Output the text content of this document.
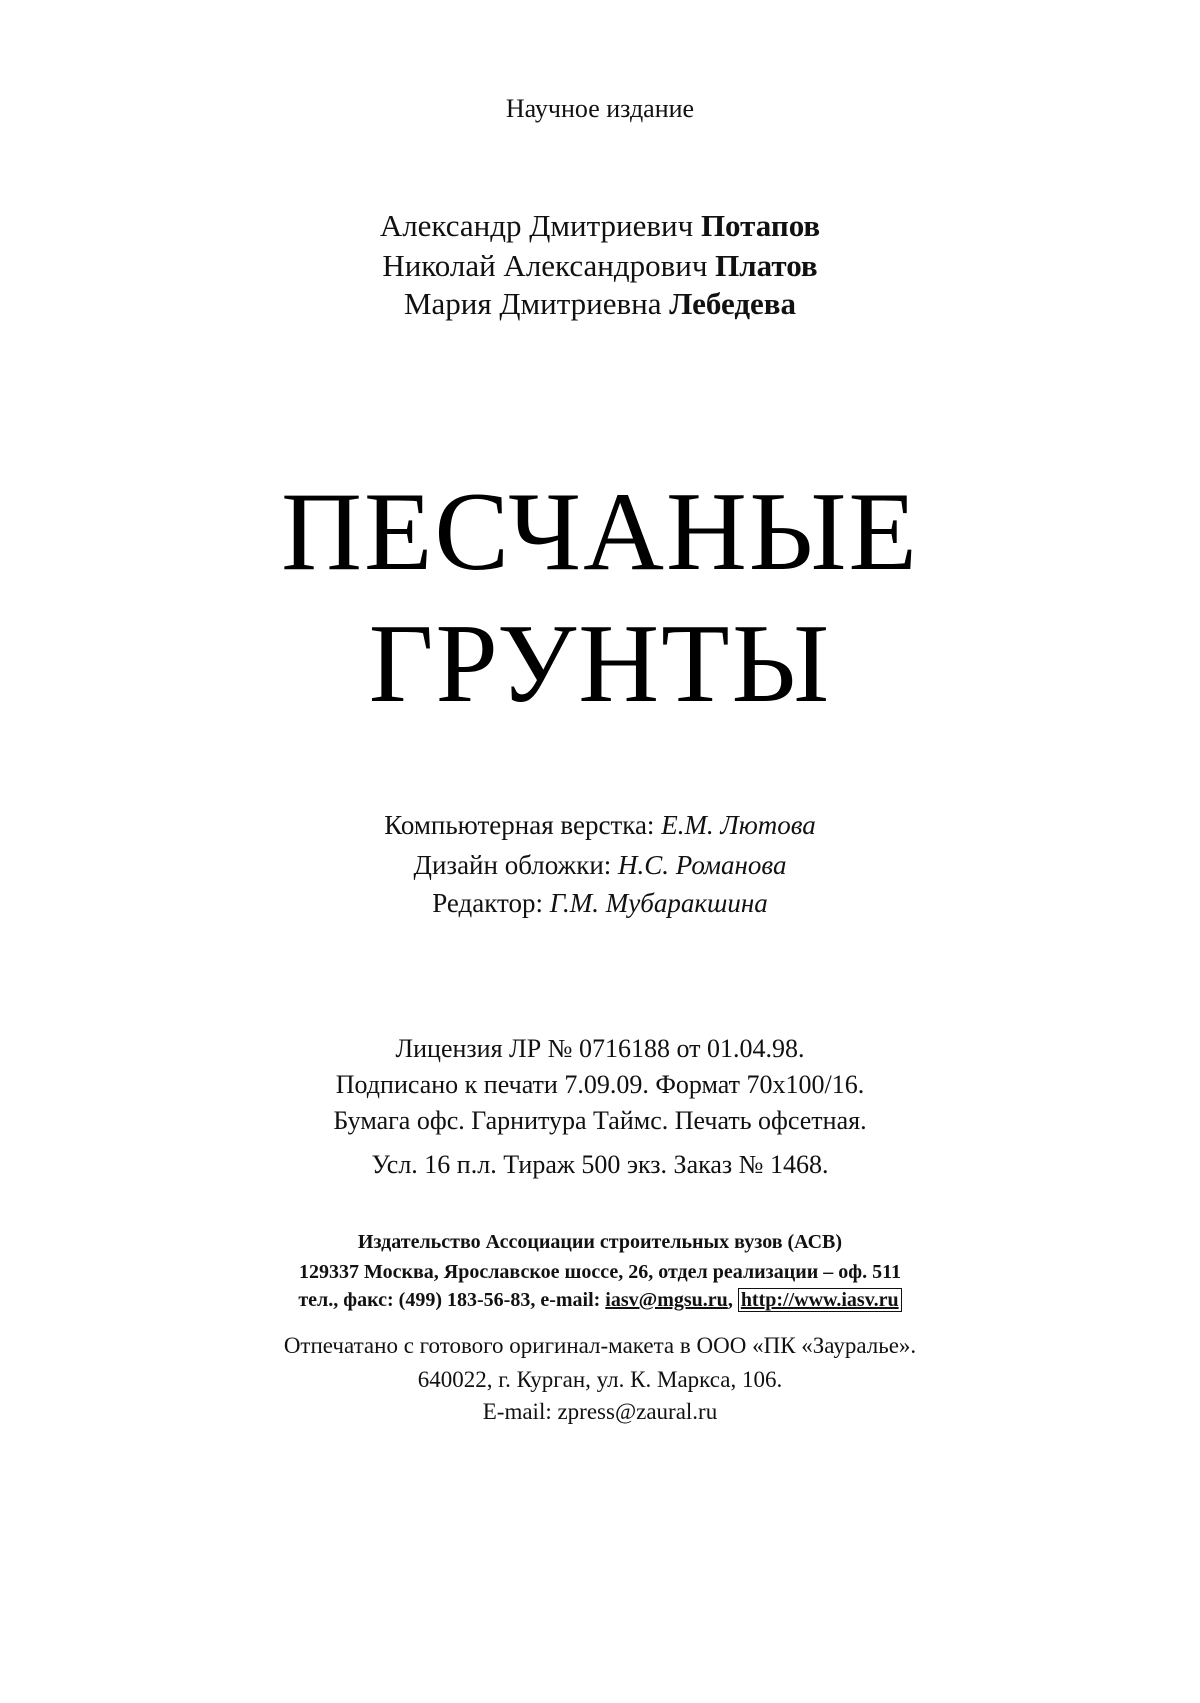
Научное издание
Александр Дмитриевич Потапов
Николай Александрович Платов
Мария Дмитриевна Лебедева
ПЕСЧАНЫЕ
ГРУНТЫ
Компьютерная верстка: Е.М. Лютова
Дизайн обложки: Н.С. Романова
Редактор: Г.М. Мубаракшина
Лицензия ЛР № 0716188 от 01.04.98.
Подписано к печати 7.09.09. Формат 70x100/16.
Бумага офс. Гарнитура Таймс. Печать офсетная.
Усл. 16 п.л. Тираж 500 экз. Заказ № 1468.
Издательство Ассоциации строительных вузов (АСВ)
129337 Москва, Ярославское шоссе, 26, отдел реализации – оф. 511
тел., факс: (499) 183-56-83, e-mail: iasv@mgsu.ru, http://www.iasv.ru
Отпечатано с готового оригинал-макета в ООО «ПК «Зауралье».
640022, г. Курган, ул. К. Маркса, 106.
E-mail: zpress@zaural.ru
